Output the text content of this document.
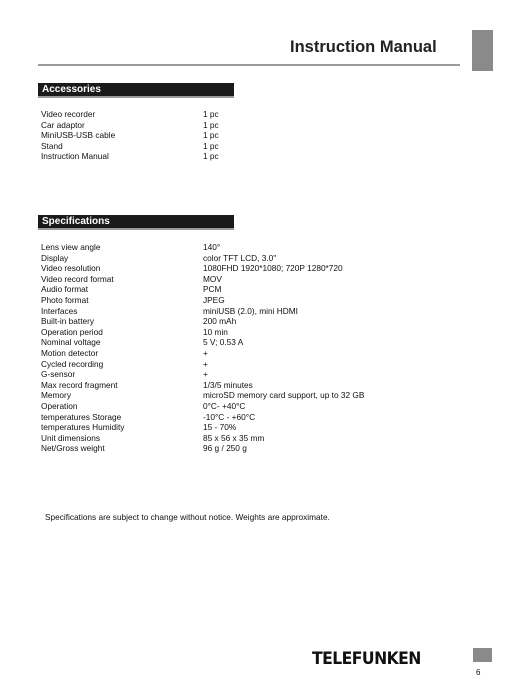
Instruction Manual
Accessories
Video recorder	1 pc
Car adaptor	1 pc
MiniUSB-USB cable	1 pc
Stand	1 pc
Instruction Manual	1 pc
Specifications
Lens view angle	140°
Display	color TFT LCD, 3.0"
Video resolution	1080FHD 1920*1080; 720P 1280*720
Video record format	MOV
Audio format	PCM
Photo format	JPEG
Interfaces	miniUSB (2.0), mini HDMI
Built-in battery	200 mAh
Operation period	10 min
Nominal voltage	5 V; 0.53 A
Motion detector	+
Cycled recording	+
G-sensor	+
Max record fragment	1/3/5 minutes
Memory	microSD memory card support, up to 32 GB
Operation	0°C- +40°C
temperatures Storage	-10°C - +60°C
temperatures Humidity	15 - 70%
Unit dimensions	85 x 56 x 35 mm
Net/Gross weight	96 g / 250 g
Specifications are subject to change without notice. Weights are approximate.
TELEFUNKEN
6
